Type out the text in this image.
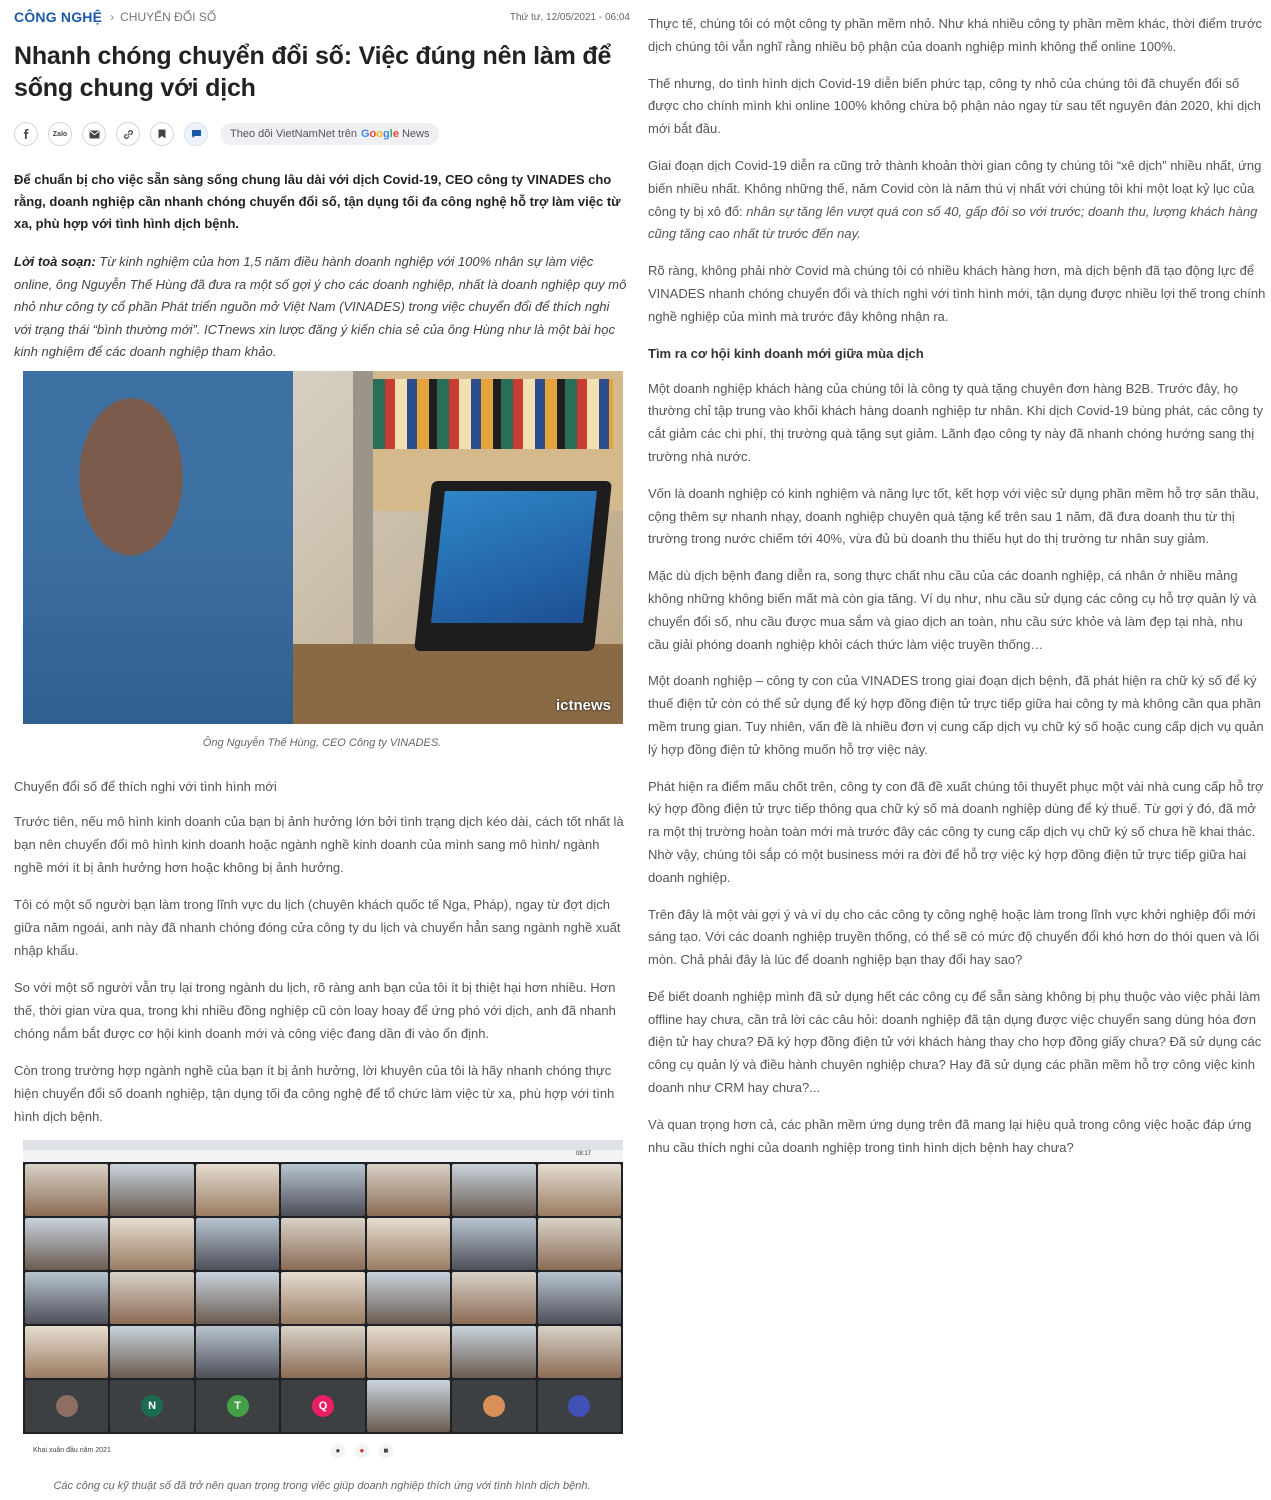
CÔNG NGHỆ › CHUYỂN ĐỔI SỐ	Thứ tư, 12/05/2021 - 06:04
Nhanh chóng chuyển đổi số: Việc đúng nên làm để sống chung với dịch
Zalo	Theo dõi VietNamNet trên Google News

Để chuẩn bị cho việc sẵn sàng sống chung lâu dài với dịch Covid-19, CEO công ty VINADES cho rằng, doanh nghiệp cần nhanh chóng chuyển đổi số, tận dụng tối đa công nghệ hỗ trợ làm việc từ xa, phù hợp với tình hình dịch bệnh.

Lời toà soạn: Từ kinh nghiệm của hơn 1,5 năm điều hành doanh nghiệp với 100% nhân sự làm việc online, ông Nguyễn Thế Hùng đã đưa ra một số gợi ý cho các doanh nghiệp, nhất là doanh nghiệp quy mô nhỏ như công ty cổ phần Phát triển nguồn mở Việt Nam (VINADES) trong việc chuyển đổi để thích nghi với trạng thái “bình thường mới”. ICTnews xin lược đăng ý kiến chia sẻ của ông Hùng như là một bài học kinh nghiệm để các doanh nghiệp tham khảo.

ictnews
Ông Nguyễn Thế Hùng, CEO Công ty VINADES.
Chuyển đổi số để thích nghi với tình hình mới

Trước tiên, nếu mô hình kinh doanh của bạn bị ảnh hưởng lớn bởi tình trạng dịch kéo dài, cách tốt nhất là bạn nên chuyển đổi mô hình kinh doanh hoặc ngành nghề kinh doanh của mình sang mô hình/ ngành nghề mới ít bị ảnh hưởng hơn hoặc không bị ảnh hưởng.

Tôi có một số người bạn làm trong lĩnh vực du lịch (chuyên khách quốc tế Nga, Pháp), ngay từ đợt dịch giữa năm ngoái, anh này đã nhanh chóng đóng cửa công ty du lịch và chuyển hẳn sang ngành nghề xuất nhập khẩu.

So với một số người vẫn trụ lại trong ngành du lịch, rõ ràng anh bạn của tôi ít bị thiệt hại hơn nhiều. Hơn thế, thời gian vừa qua, trong khi nhiều đồng nghiệp cũ còn loay hoay để ứng phó với dịch, anh đã nhanh chóng nắm bắt được cơ hội kinh doanh mới và công việc đang dần đi vào ổn định.

Còn trong trường hợp ngành nghề của bạn ít bị ảnh hưởng, lời khuyên của tôi là hãy nhanh chóng thực hiện chuyển đổi số doanh nghiệp, tận dụng tối đa công nghệ để tổ chức làm việc từ xa, phù hợp với tình hình dịch bệnh.

08:17
N	T	Q
Khai xuân đầu năm 2021	●	●	■
Các công cụ kỹ thuật số đã trở nên quan trọng trong việc giúp doanh nghiệp thích ứng với tình hình dịch bệnh.

Thực tế, chúng tôi có một công ty phần mềm nhỏ. Như khá nhiều công ty phần mềm khác, thời điểm trước dịch chúng tôi vẫn nghĩ rằng nhiều bộ phận của doanh nghiệp mình không thể online 100%.

Thế nhưng, do tình hình dịch Covid-19 diễn biến phức tạp, công ty nhỏ của chúng tôi đã chuyển đổi số được cho chính mình khi online 100% không chừa bộ phận nào ngay từ sau tết nguyên đán 2020, khi dịch mới bắt đầu.

Giai đoạn dịch Covid-19 diễn ra cũng trở thành khoản thời gian công ty chúng tôi “xê dịch” nhiều nhất, ứng biến nhiều nhất. Không những thế, năm Covid còn là năm thú vị nhất với chúng tôi khi một loạt kỷ lục của công ty bị xô đổ: nhân sự tăng lên vượt quá con số 40, gấp đôi so với trước; doanh thu, lượng khách hàng cũng tăng cao nhất từ trước đến nay.

Rõ ràng, không phải nhờ Covid mà chúng tôi có nhiều khách hàng hơn, mà dịch bệnh đã tạo động lực để VINADES nhanh chóng chuyển đổi và thích nghi với tình hình mới, tận dụng được nhiều lợi thế trong chính nghề nghiệp của mình mà trước đây không nhận ra.

Tìm ra cơ hội kinh doanh mới giữa mùa dịch

Một doanh nghiệp khách hàng của chúng tôi là công ty quà tặng chuyên đơn hàng B2B. Trước đây, họ thường chỉ tập trung vào khối khách hàng doanh nghiệp tư nhân. Khi dịch Covid-19 bùng phát, các công ty cắt giảm các chi phí, thị trường quà tặng sụt giảm. Lãnh đạo công ty này đã nhanh chóng hướng sang thị trường nhà nước.

Vốn là doanh nghiệp có kinh nghiệm và năng lực tốt, kết hợp với việc sử dụng phần mềm hỗ trợ săn thầu, cộng thêm sự nhanh nhạy, doanh nghiệp chuyên quà tặng kể trên sau 1 năm, đã đưa doanh thu từ thị trường trong nước chiếm tới 40%, vừa đủ bù doanh thu thiếu hụt do thị trường tư nhân suy giảm.

Mặc dù dịch bệnh đang diễn ra, song thực chất nhu cầu của các doanh nghiệp, cá nhân ở nhiều mảng không những không biến mất mà còn gia tăng. Ví dụ như, nhu cầu sử dụng các công cụ hỗ trợ quản lý và chuyển đổi số, nhu cầu được mua sắm và giao dịch an toàn, nhu cầu sức khỏe và làm đẹp tại nhà, nhu cầu giải phóng doanh nghiệp khỏi cách thức làm việc truyền thống…

Một doanh nghiệp – công ty con của VINADES trong giai đoạn dịch bệnh, đã phát hiện ra chữ ký số để ký thuế điện tử còn có thể sử dụng để ký hợp đồng điện tử trực tiếp giữa hai công ty mà không cần qua phần mềm trung gian. Tuy nhiên, vấn đề là nhiều đơn vị cung cấp dịch vụ chữ ký số hoặc cung cấp dịch vụ quản lý hợp đồng điện tử không muốn hỗ trợ việc này.

Phát hiện ra điểm mấu chốt trên, công ty con đã đề xuất chúng tôi thuyết phục một vài nhà cung cấp hỗ trợ ký hợp đồng điện tử trực tiếp thông qua chữ ký số mà doanh nghiệp dùng để ký thuế. Từ gợi ý đó, đã mở ra một thị trường hoàn toàn mới mà trước đây các công ty cung cấp dịch vụ chữ ký số chưa hề khai thác. Nhờ vậy, chúng tôi sắp có một business mới ra đời để hỗ trợ việc ký hợp đồng điện tử trực tiếp giữa hai doanh nghiệp.

Trên đây là một vài gợi ý và ví dụ cho các công ty công nghệ hoặc làm trong lĩnh vực khởi nghiệp đổi mới sáng tạo. Với các doanh nghiệp truyền thống, có thể sẽ có mức độ chuyển đổi khó hơn do thói quen và lối mòn. Chả phải đây là lúc để doanh nghiệp bạn thay đổi hay sao?

Để biết doanh nghiệp mình đã sử dụng hết các công cụ để sẵn sàng không bị phụ thuộc vào việc phải làm offline hay chưa, cần trả lời các câu hỏi: doanh nghiệp đã tận dụng được việc chuyển sang dùng hóa đơn điện tử hay chưa? Đã ký hợp đồng điện tử với khách hàng thay cho hợp đồng giấy chưa? Đã sử dụng các công cụ quản lý và điều hành chuyên nghiệp chưa? Hay đã sử dụng các phần mềm hỗ trợ công việc kinh doanh như CRM hay chưa?...

Và quan trọng hơn cả, các phần mềm ứng dụng trên đã mang lại hiệu quả trong công việc hoặc đáp ứng nhu cầu thích nghi của doanh nghiệp trong tình hình dịch bệnh hay chưa?
